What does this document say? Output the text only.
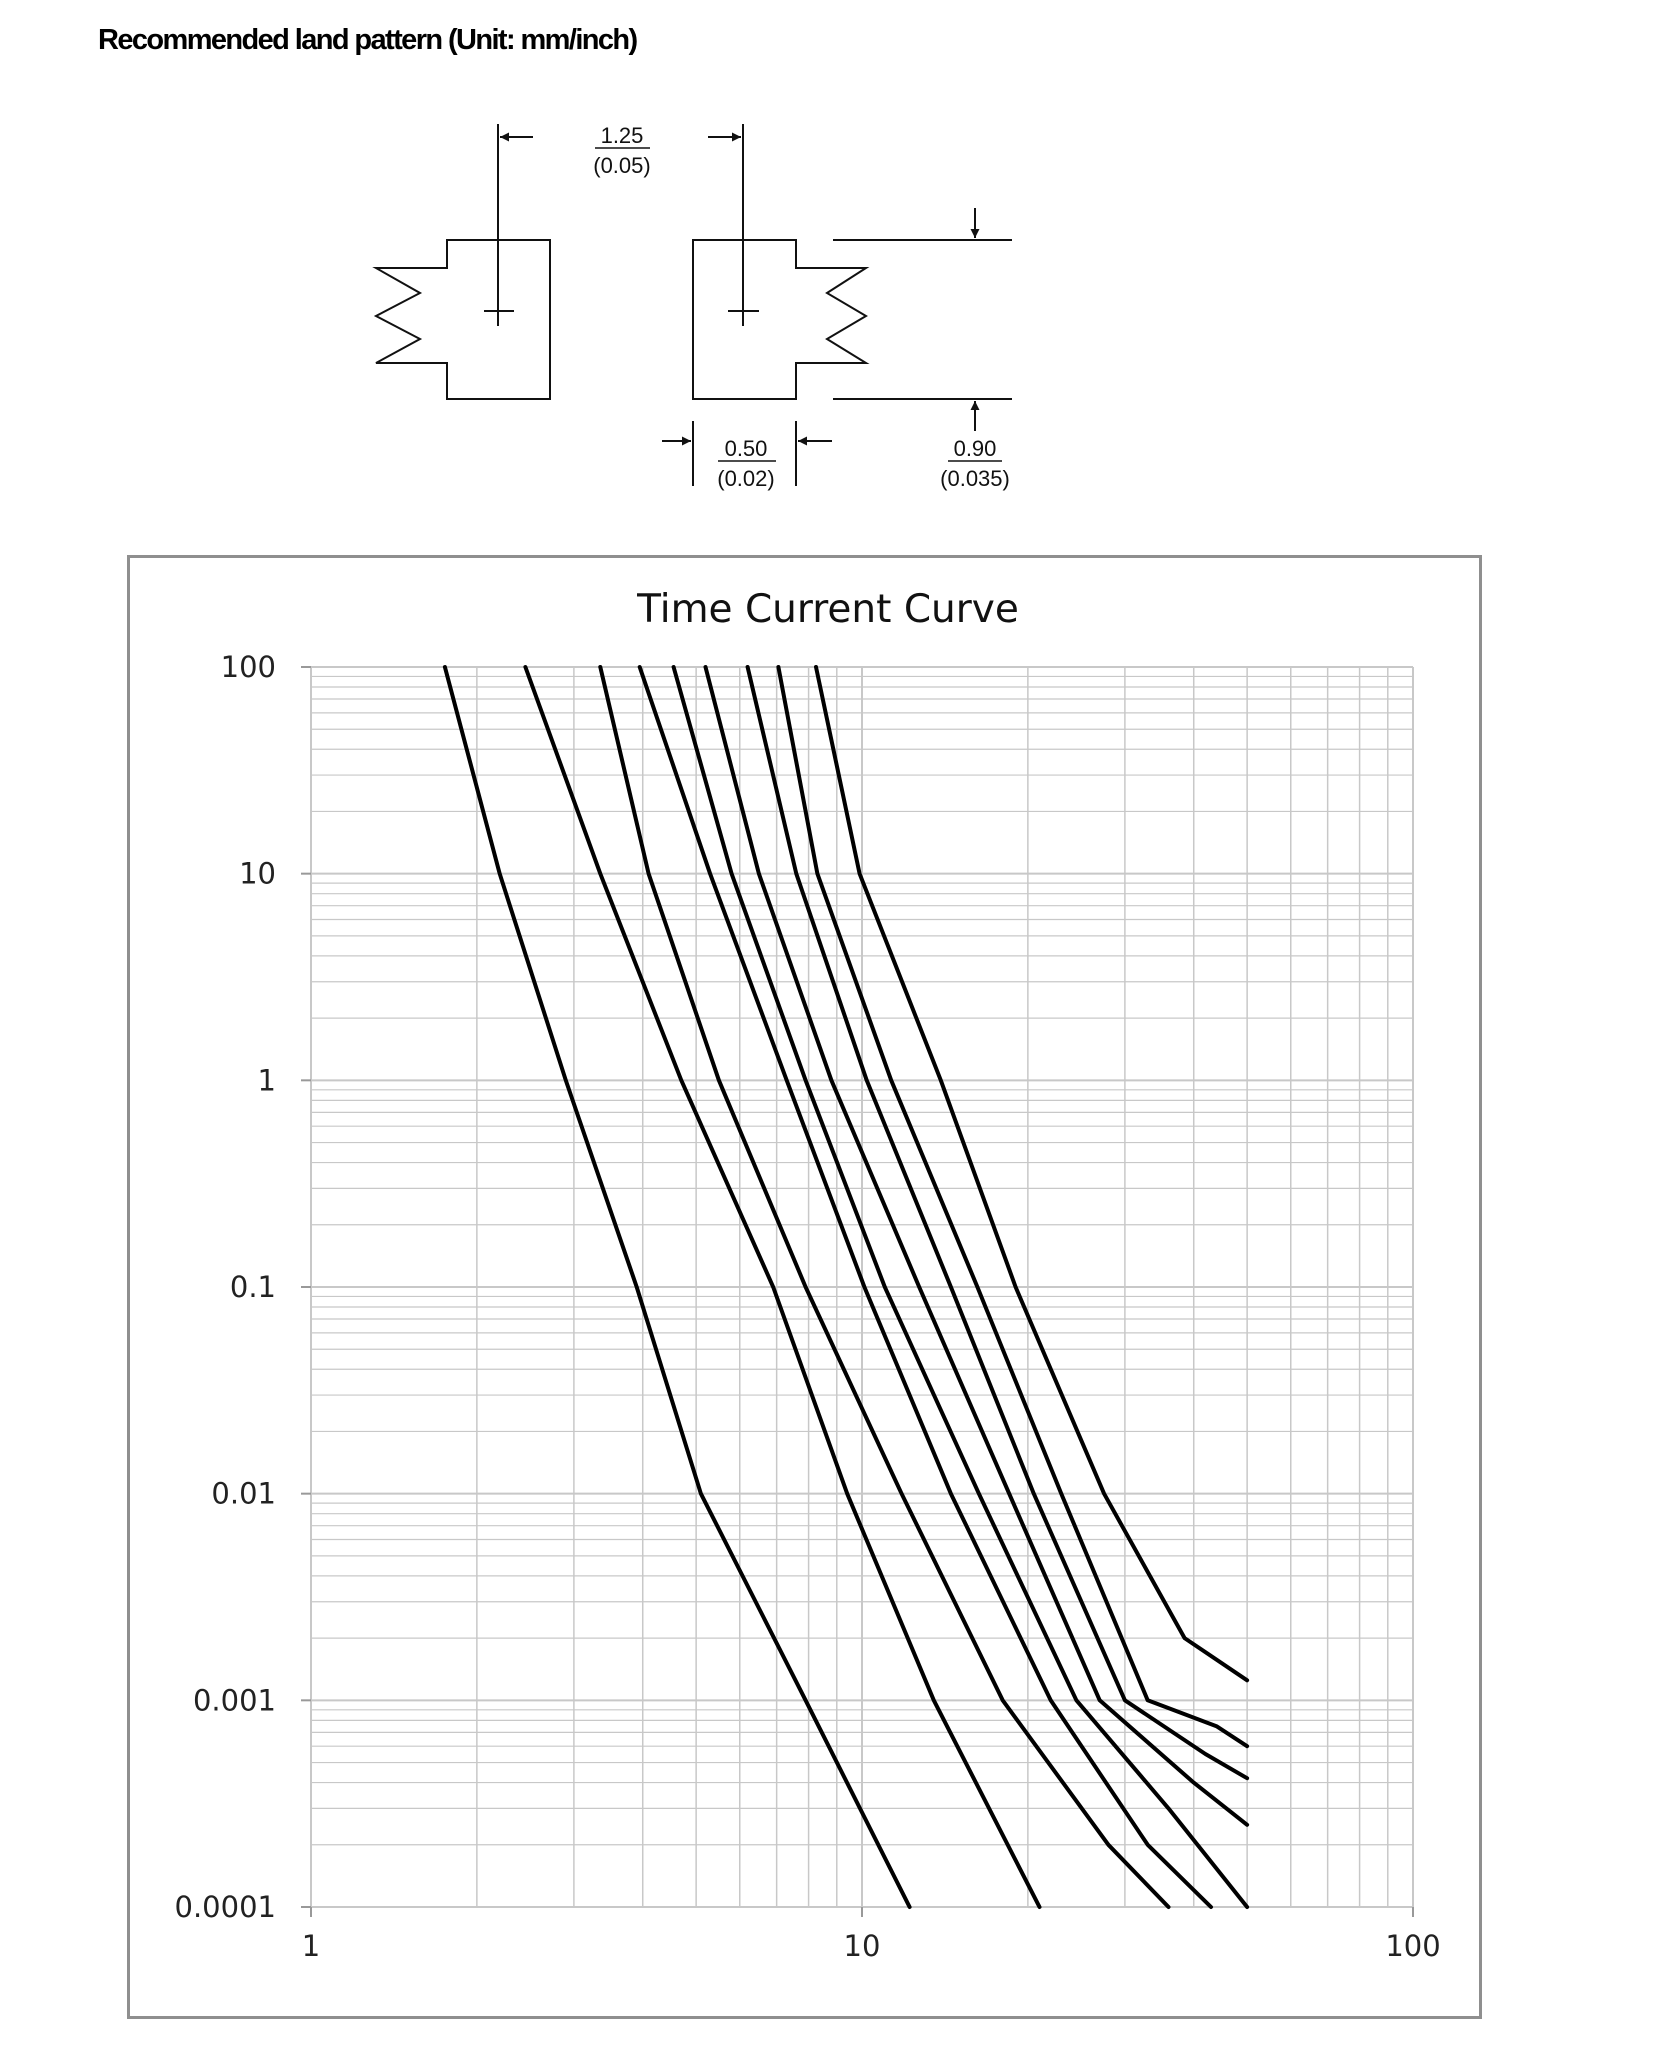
Recommended land pattern (Unit: mm/inch)
1.25
(0.05)
0.50
(0.02)
0.90
(0.035)
Time Current Curve
100
10
1
0.1
0.01
0.001
0.0001
1	10	100
